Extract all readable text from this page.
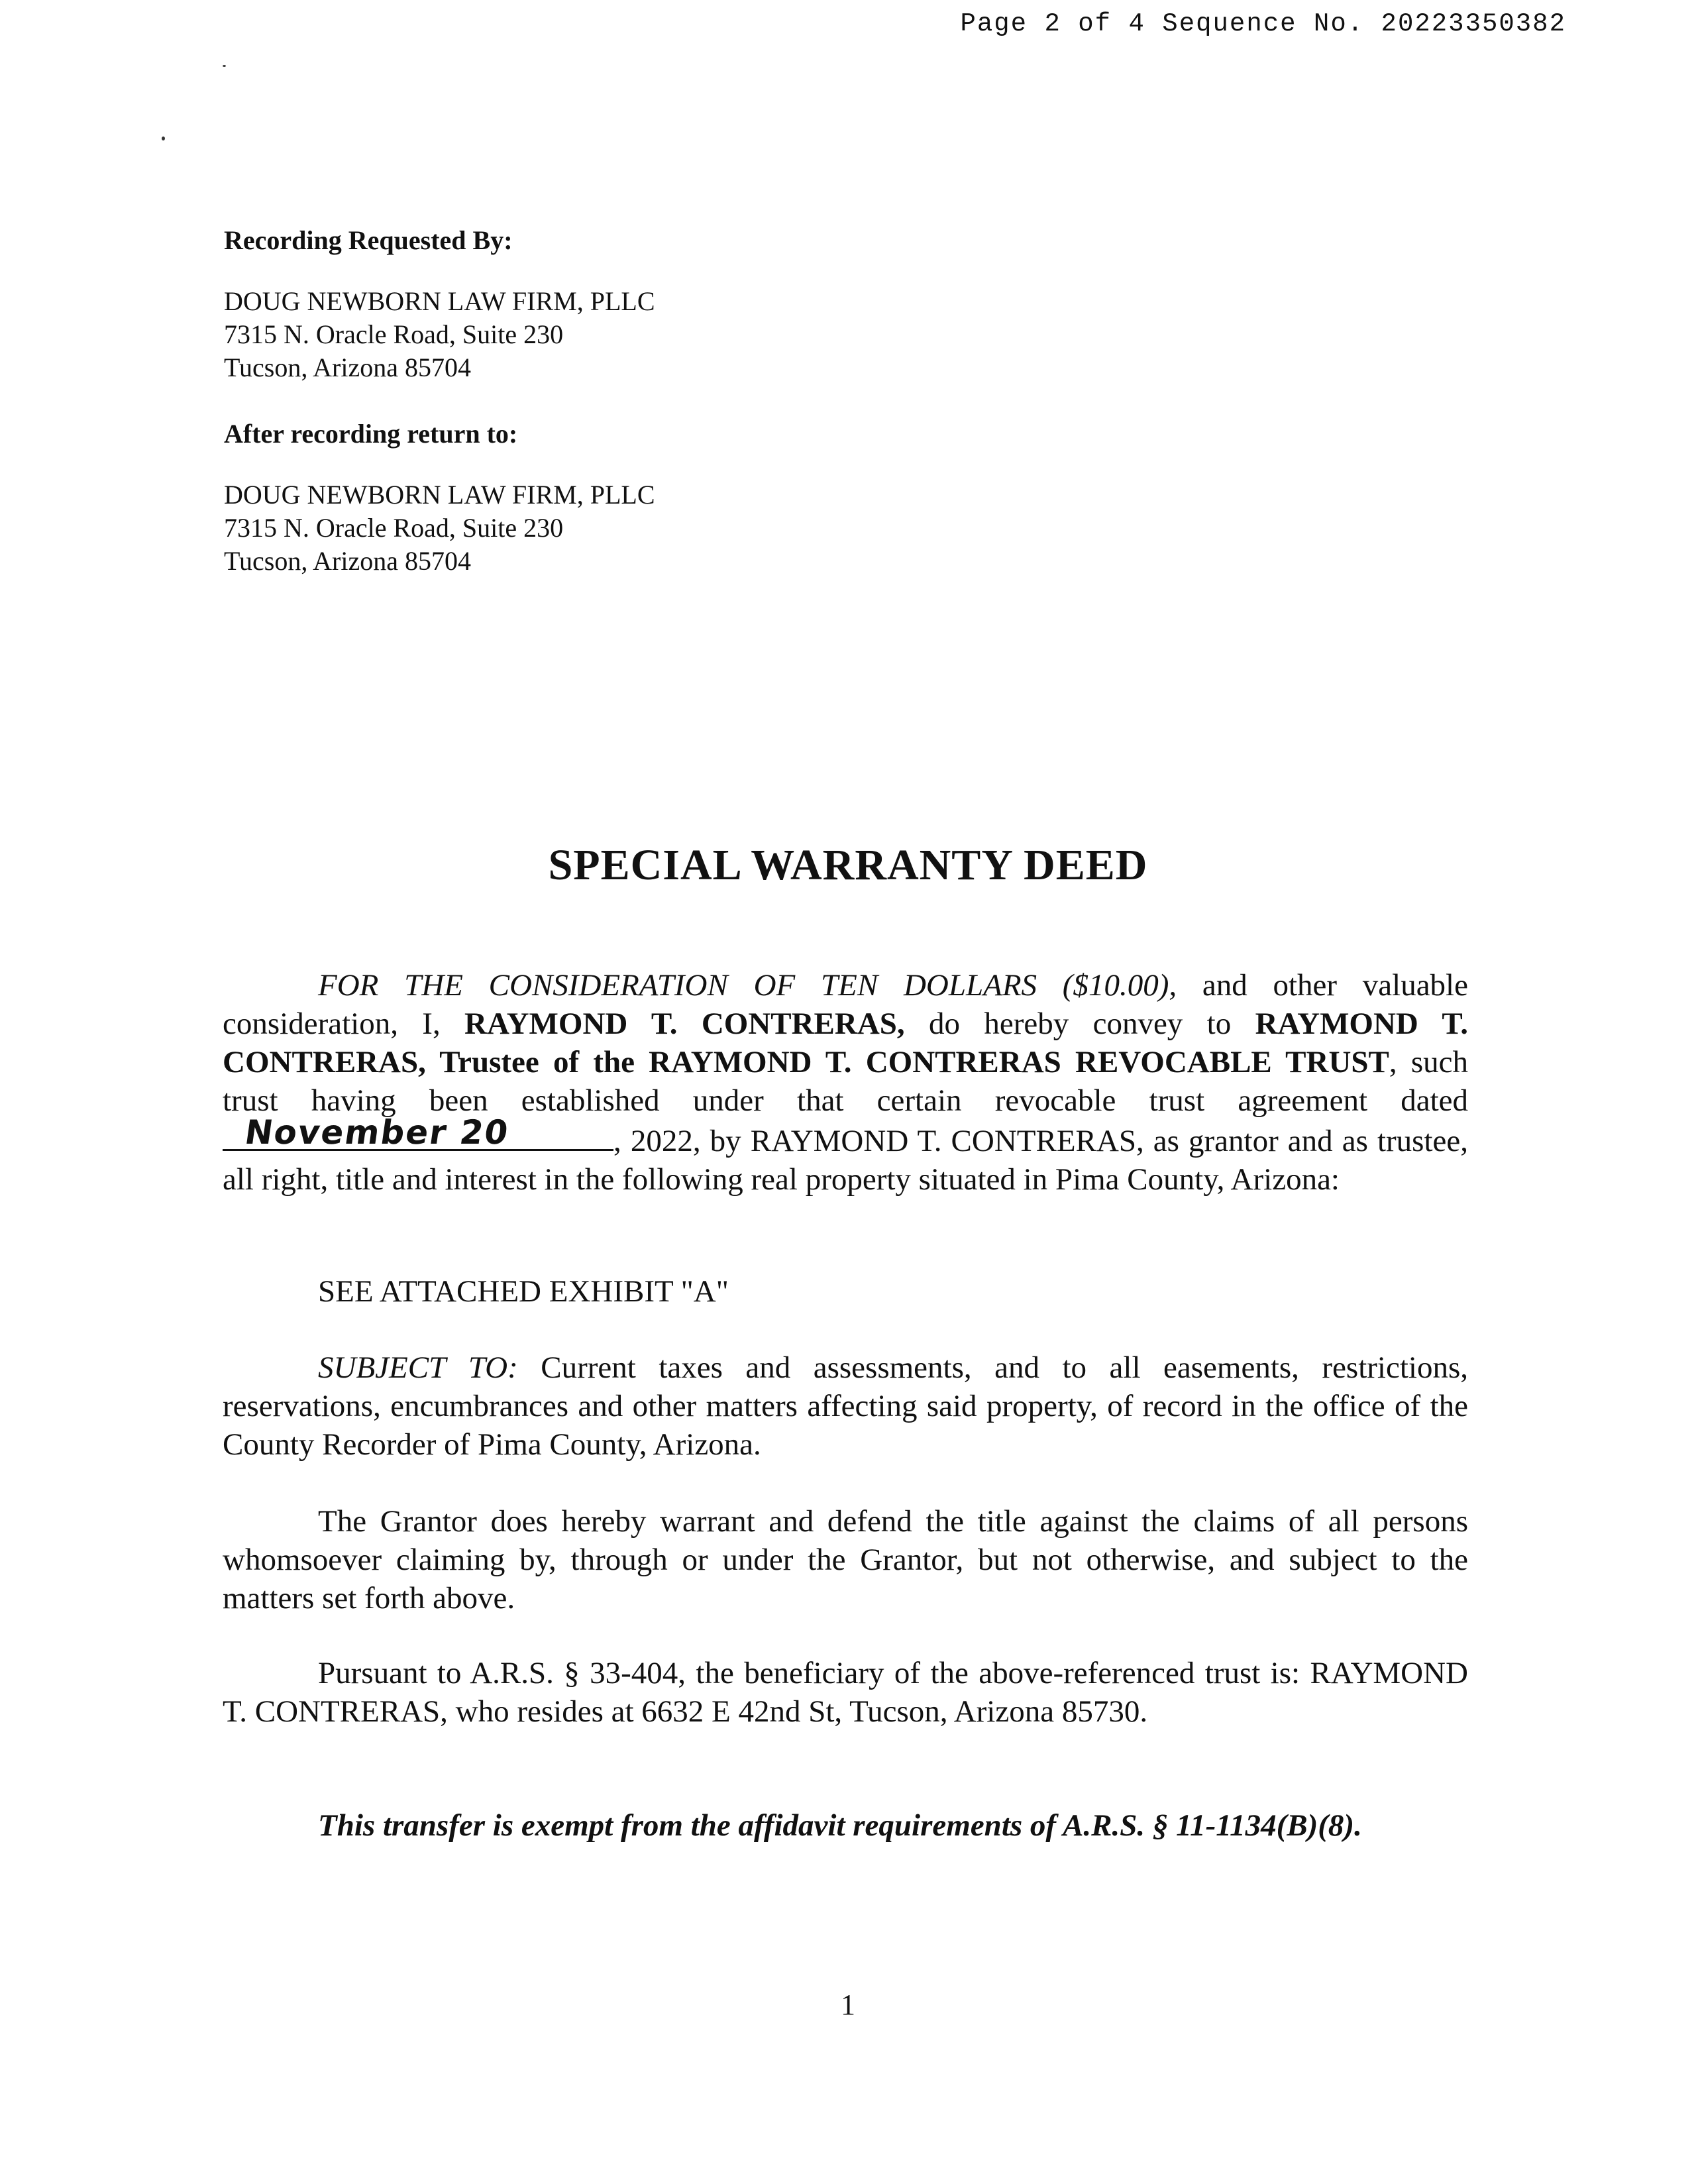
Page 2 of 4 Sequence No. 20223350382
Recording Requested By:
DOUG NEWBORN LAW FIRM, PLLC
7315 N. Oracle Road, Suite 230
Tucson, Arizona 85704
After recording return to:
DOUG NEWBORN LAW FIRM, PLLC
7315 N. Oracle Road, Suite 230
Tucson, Arizona 85704
SPECIAL WARRANTY DEED
FOR THE CONSIDERATION OF TEN DOLLARS ($10.00), and other valuable consideration, I, RAYMOND T. CONTRERAS, do hereby convey to RAYMOND T. CONTRERAS, Trustee of the RAYMOND T. CONTRERAS REVOCABLE TRUST, such trust having been established under that certain revocable trust agreement dated
November 20	, 2022, by RAYMOND T. CONTRERAS, as grantor and as trustee, all right, title and interest in the following real property situated in Pima County, Arizona:
SEE ATTACHED EXHIBIT "A"
SUBJECT TO: Current taxes and assessments, and to all easements, restrictions, reservations, encumbrances and other matters affecting said property, of record in the office of the County Recorder of Pima County, Arizona.
The Grantor does hereby warrant and defend the title against the claims of all persons whomsoever claiming by, through or under the Grantor, but not otherwise, and subject to the matters set forth above.
Pursuant to A.R.S. § 33-404, the beneficiary of the above-referenced trust is: RAYMOND T. CONTRERAS, who resides at 6632 E 42nd St, Tucson, Arizona 85730.
This transfer is exempt from the affidavit requirements of A.R.S. § 11-1134(B)(8).
1
